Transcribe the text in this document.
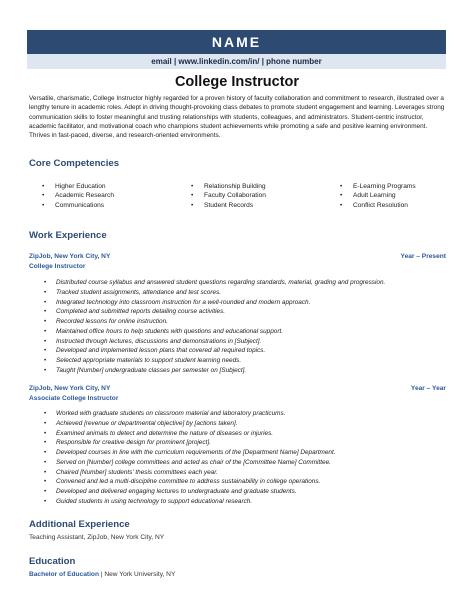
NAME
email | www.linkedin.com/in/ | phone number
College Instructor
Versatile, charismatic, College Instructor highly regarded for a proven history of faculty collaboration and commitment to research, illustrated over a lengthy tenure in academic roles. Adept in driving thought-provoking class debates to promote student engagement and learning. Leverages strong communication skills to foster meaningful and trusting relationships with students, colleagues, and administrators. Student-centric instructor, academic facilitator, and motivational coach who champions student achievements while promoting a safe and positive learning environment. Thrives in fast-paced, diverse, and research-oriented environments.
Core Competencies
• Higher Education
• Academic Research
• Communications
• Relationship Building
• Faculty Collaboration
• Student Records
• E-Learning Programs
• Adult Learning
• Conflict Resolution
Work Experience
ZipJob, New York City, NY	Year – Present
College Instructor
• Distributed course syllabus and answered student questions regarding standards, material, grading and progression.
• Tracked student assignments, attendance and test scores.
• Integrated technology into classroom instruction for a well-rounded and modern approach.
• Completed and submitted reports detailing course activities.
• Recorded lessons for online instruction.
• Maintained office hours to help students with questions and educational support.
• Instructed through lectures, discussions and demonstrations in [Subject].
• Developed and implemented lesson plans that covered all required topics.
• Selected appropriate materials to support student learning needs.
• Taught [Number] undergraduate classes per semester on [Subject].
ZipJob, New York City, NY	Year – Year
Associate College Instructor
• Worked with graduate students on classroom material and laboratory practicums.
• Achieved [revenue or departmental objective] by [actions taken].
• Examined animals to detect and determine the nature of diseases or injuries.
• Responsible for creative design for prominent [project].
• Developed courses in line with the curriculum requirements of the [Department Name] Department.
• Served on [Number] college committees and acted as chair of the [Committee Name] Committee.
• Chaired [Number] students' thesis committees each year.
• Convened and led a multi-discipline committee to address sustainability in college operations.
• Developed and delivered engaging lectures to undergraduate and graduate students.
• Guided students in using technology to support educational research.
Additional Experience
Teaching Assistant, ZipJob, New York City, NY
Education
Bachelor of Education | New York University, NY
